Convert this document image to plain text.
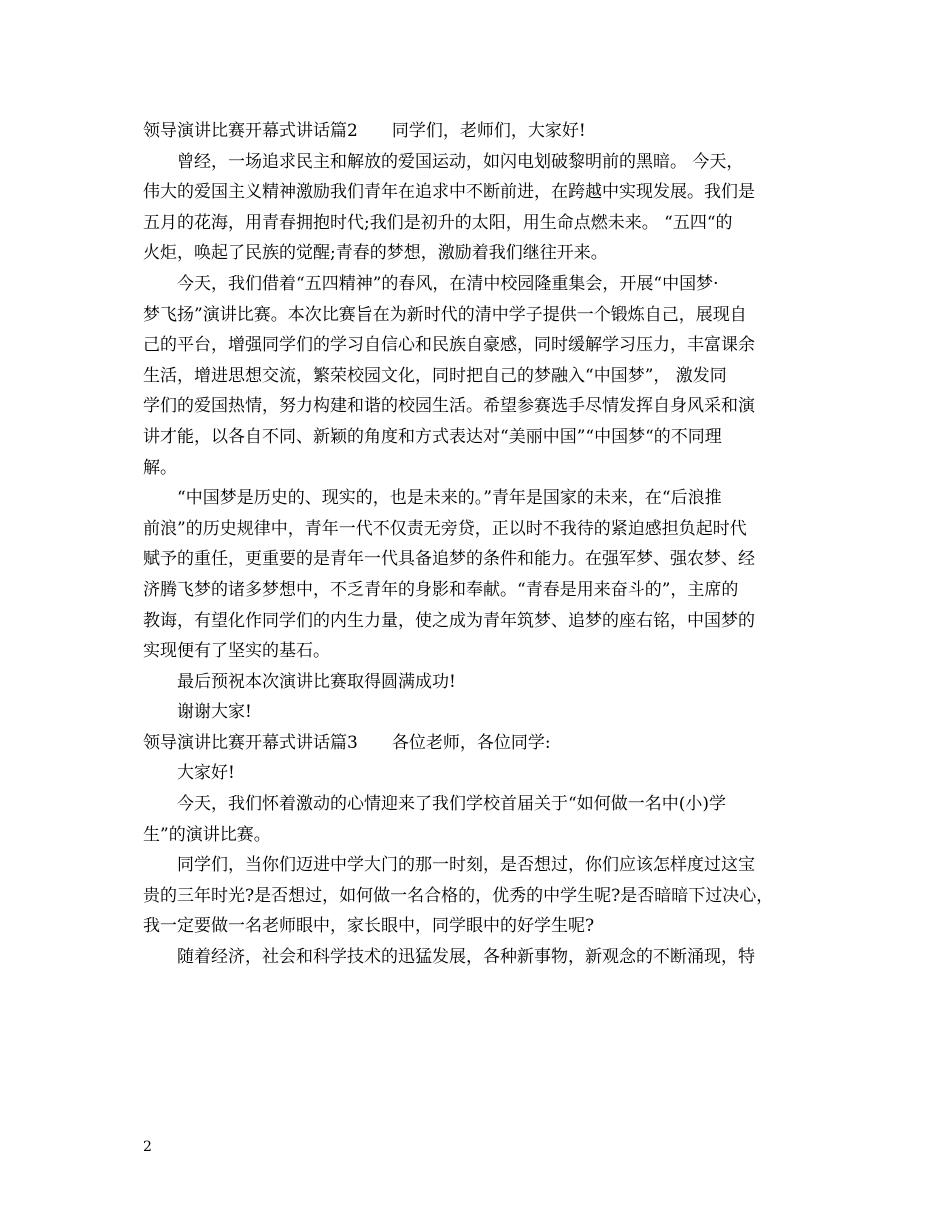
领导演讲比赛开幕式讲话篇2　　同学们，老师们，大家好!
曾经，一场追求民主和解放的爱国运动，如闪电划破黎明前的黑暗。 今天，
伟大的爱国主义精神激励我们青年在追求中不断前进，在跨越中实现发展。我们是
五月的花海，用青春拥抱时代;我们是初升的太阳，用生命点燃未来。 “五四“的
火炬，唤起了民族的觉醒;青春的梦想，激励着我们继往开来。
今天，我们借着“五四精神”的春风，在清中校园隆重集会，开展“中国梦·
梦飞扬”演讲比赛。本次比赛旨在为新时代的清中学子提供一个锻炼自己，展现自
己的平台，增强同学们的学习自信心和民族自豪感，同时缓解学习压力，丰富课余
生活，增进思想交流，繁荣校园文化，同时把自己的梦融入“中国梦”， 激发同
学们的爱国热情，努力构建和谐的校园生活。希望参赛选手尽情发挥自身风采和演
讲才能，以各自不同、新颖的角度和方式表达对“美丽中国”“中国梦“的不同理
解。
“中国梦是历史的、现实的，也是未来的。”青年是国家的未来，在“后浪推
前浪”的历史规律中，青年一代不仅责无旁贷，正以时不我待的紧迫感担负起时代
赋予的重任，更重要的是青年一代具备追梦的条件和能力。在强军梦、强农梦、经
济腾飞梦的诸多梦想中，不乏青年的身影和奉献。“青春是用来奋斗的”，主席的
教诲，有望化作同学们的内生力量，使之成为青年筑梦、追梦的座右铭，中国梦的
实现便有了坚实的基石。
最后预祝本次演讲比赛取得圆满成功!
谢谢大家!
领导演讲比赛开幕式讲话篇3　　各位老师，各位同学:
大家好!
今天，我们怀着激动的心情迎来了我们学校首届关于“如何做一名中(小)学
生”的演讲比赛。
同学们，当你们迈进中学大门的那一时刻，是否想过，你们应该怎样度过这宝
贵的三年时光?是否想过，如何做一名合格的，优秀的中学生呢?是否暗暗下过决心，
我一定要做一名老师眼中，家长眼中，同学眼中的好学生呢?
随着经济，社会和科学技术的迅猛发展，各种新事物，新观念的不断涌现，特
2
